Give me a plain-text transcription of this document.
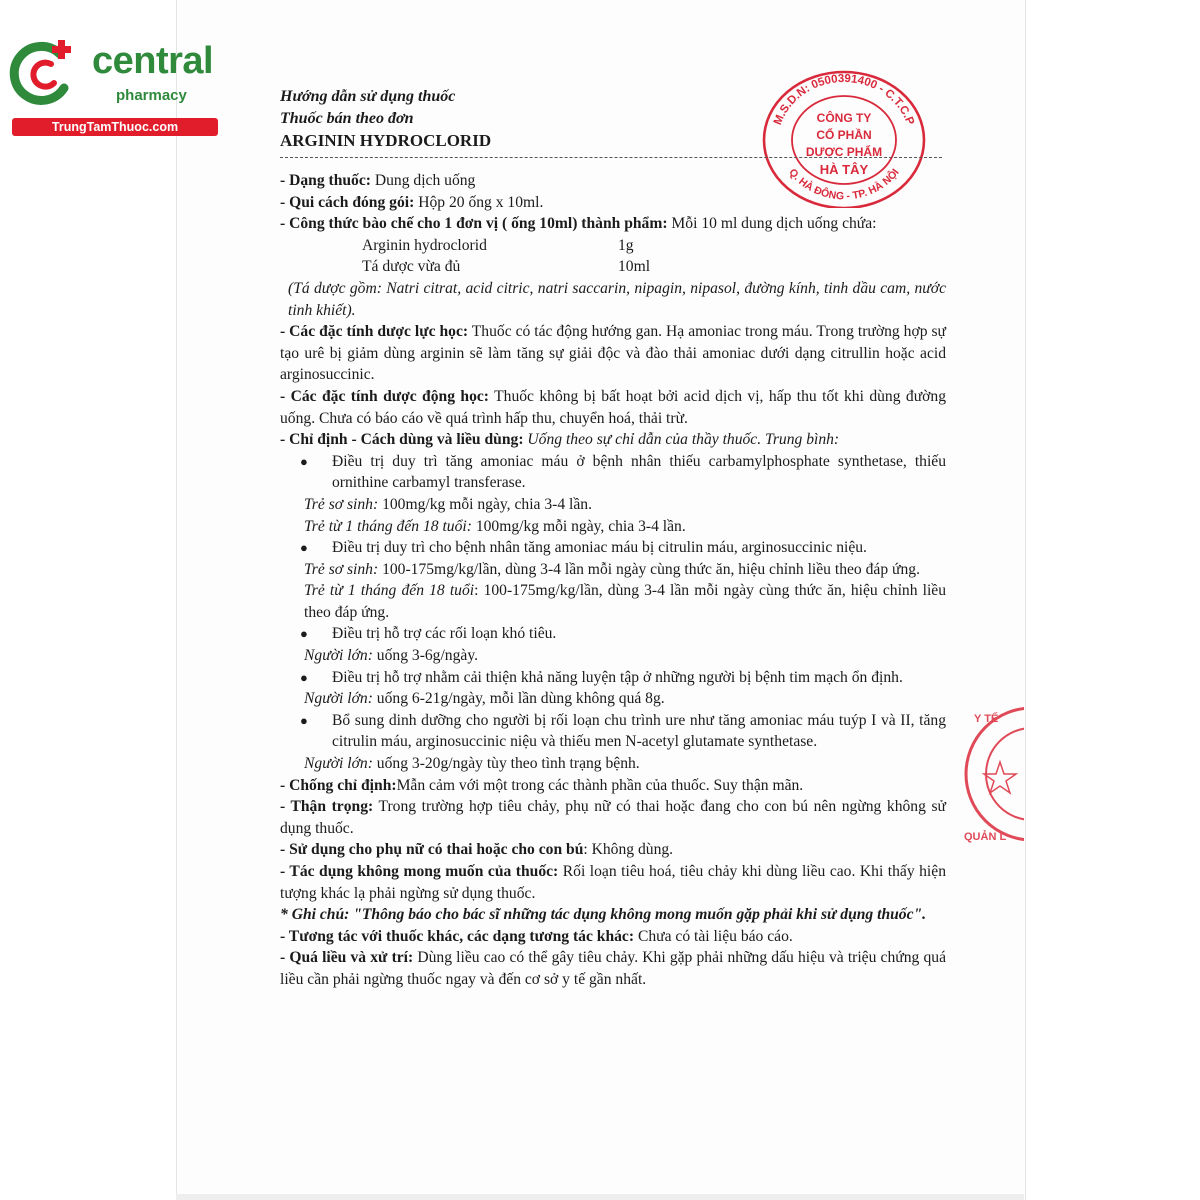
central
pharmacy
TrungTamThuoc.com	M.S.D.N: 0500391400 - C.T.C.P
Q. HÀ ĐÔNG - TP. HÀ NỘI
CÔNG TY
CỔ PHẦN
DƯỢC PHẨM
HÀ TÂY
Y TẾ
QUẢN L
Hướng dẫn sử dụng thuốc
Thuốc bán theo đơn
ARGININ HYDROCLORID

- Dạng thuốc: Dung dịch uống

- Qui cách đóng gói: Hộp 20 ống x 10ml.

- Công thức bào chế cho 1 đơn vị ( ống 10ml) thành phẩm: Mỗi 10 ml dung dịch uống chứa:

Arginin hydroclorid	1g
Tá dược vừa đủ	10ml

(Tá dược gồm: Natri citrat, acid citric, natri saccarin, nipagin, nipasol, đường kính, tinh dầu cam, nước tinh khiết).

- Các đặc tính dược lực học: Thuốc có tác động hướng gan. Hạ amoniac trong máu. Trong trường hợp sự tạo urê bị giảm dùng arginin sẽ làm tăng sự giải độc và đào thải amoniac dưới dạng citrullin hoặc acid arginosuccinic.

- Các đặc tính dược động học: Thuốc không bị bất hoạt bởi acid dịch vị, hấp thu tốt khi dùng đường uống. Chưa có báo cáo về quá trình hấp thu, chuyển hoá, thải trừ.

- Chỉ định - Cách dùng và liều dùng: Uống theo sự chỉ dẫn của thầy thuốc. Trung bình:

●	Điều trị duy trì tăng amoniac máu ở bệnh nhân thiếu carbamylphosphate synthetase, thiếu ornithine carbamyl transferase.

Trẻ sơ sinh: 100mg/kg mỗi ngày, chia 3-4 lần.

Trẻ từ 1 tháng đến 18 tuổi: 100mg/kg mỗi ngày, chia 3-4 lần.

●	Điều trị duy trì cho bệnh nhân tăng amoniac máu bị citrulin máu, arginosuccinic niệu.

Trẻ sơ sinh: 100-175mg/kg/lần, dùng 3-4 lần mỗi ngày cùng thức ăn, hiệu chỉnh liều theo đáp ứng.

Trẻ từ 1 tháng đến 18 tuổi: 100-175mg/kg/lần, dùng 3-4 lần mỗi ngày cùng thức ăn, hiệu chỉnh liều theo đáp ứng.

●	Điều trị hỗ trợ các rối loạn khó tiêu.

Người lớn: uống 3-6g/ngày.

●	Điều trị hỗ trợ nhằm cải thiện khả năng luyện tập ở những người bị bệnh tim mạch ổn định.

Người lớn: uống 6-21g/ngày, mỗi lần dùng không quá 8g.

●	Bổ sung dinh dưỡng cho người bị rối loạn chu trình ure như tăng amoniac máu tuýp I và II, tăng citrulin máu, arginosuccinic niệu và thiếu men N-acetyl glutamate synthetase.

Người lớn: uống 3-20g/ngày tùy theo tình trạng bệnh.

- Chống chỉ định:Mẫn cảm với một trong các thành phần của thuốc. Suy thận mãn.

- Thận trọng: Trong trường hợp tiêu chảy, phụ nữ có thai hoặc đang cho con bú nên ngừng không sử dụng thuốc.

- Sử dụng cho phụ nữ có thai hoặc cho con bú: Không dùng.

- Tác dụng không mong muốn của thuốc: Rối loạn tiêu hoá, tiêu chảy khi dùng liều cao. Khi thấy hiện tượng khác lạ phải ngừng sử dụng thuốc.

* Ghi chú: "Thông báo cho bác sĩ những tác dụng không mong muốn gặp phải khi sử dụng thuốc".

- Tương tác với thuốc khác, các dạng tương tác khác: Chưa có tài liệu báo cáo.

- Quá liều và xử trí: Dùng liều cao có thể gây tiêu chảy. Khi gặp phải những dấu hiệu và triệu chứng quá liều cần phải ngừng thuốc ngay và đến cơ sở y tế gần nhất.
